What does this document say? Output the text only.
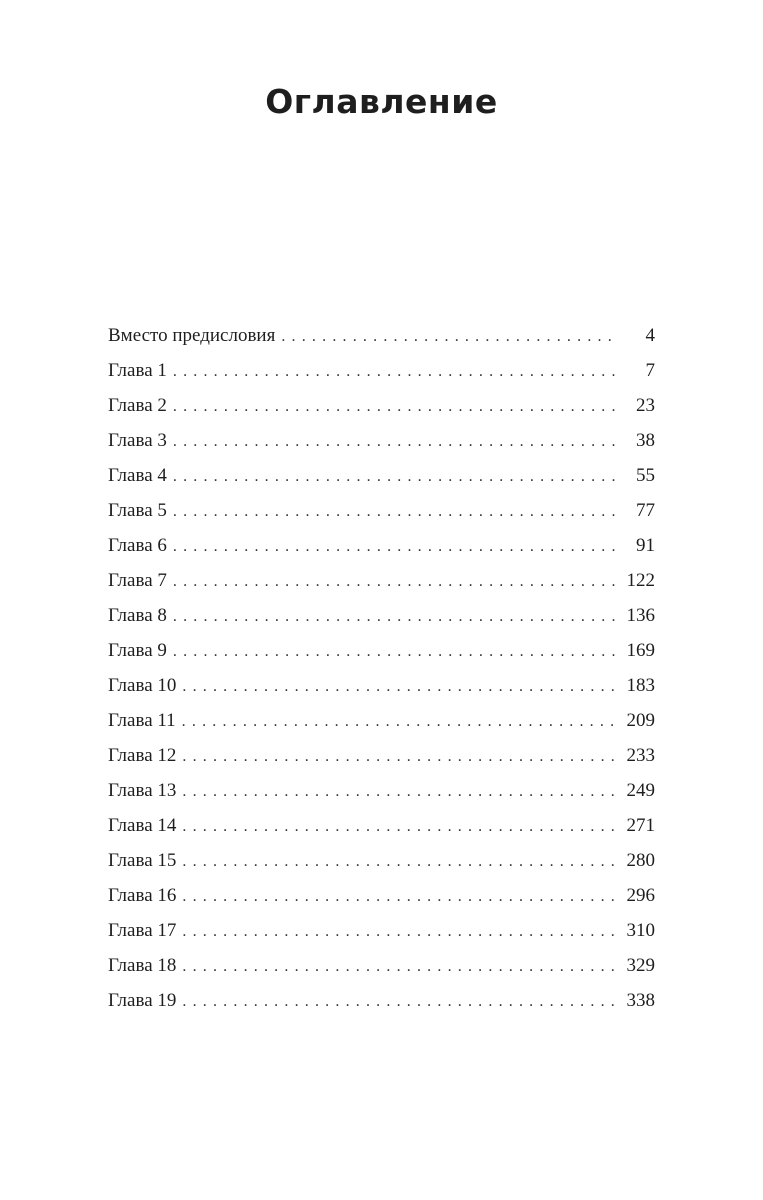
Оглавление
Вместо предисловия . . .	4
Глава 1 . . .	7
Глава 2 . . .	23
Глава 3 . . .	38
Глава 4 . . .	55
Глава 5 . . .	77
Глава 6 . . .	91
Глава 7 . . .	122
Глава 8 . . .	136
Глава 9 . . .	169
Глава 10 . . .	183
Глава 11 . . .	209
Глава 12 . . .	233
Глава 13 . . .	249
Глава 14 . . .	271
Глава 15 . . .	280
Глава 16 . . .	296
Глава 17 . . .	310
Глава 18 . . .	329
Глава 19 . . .	338
